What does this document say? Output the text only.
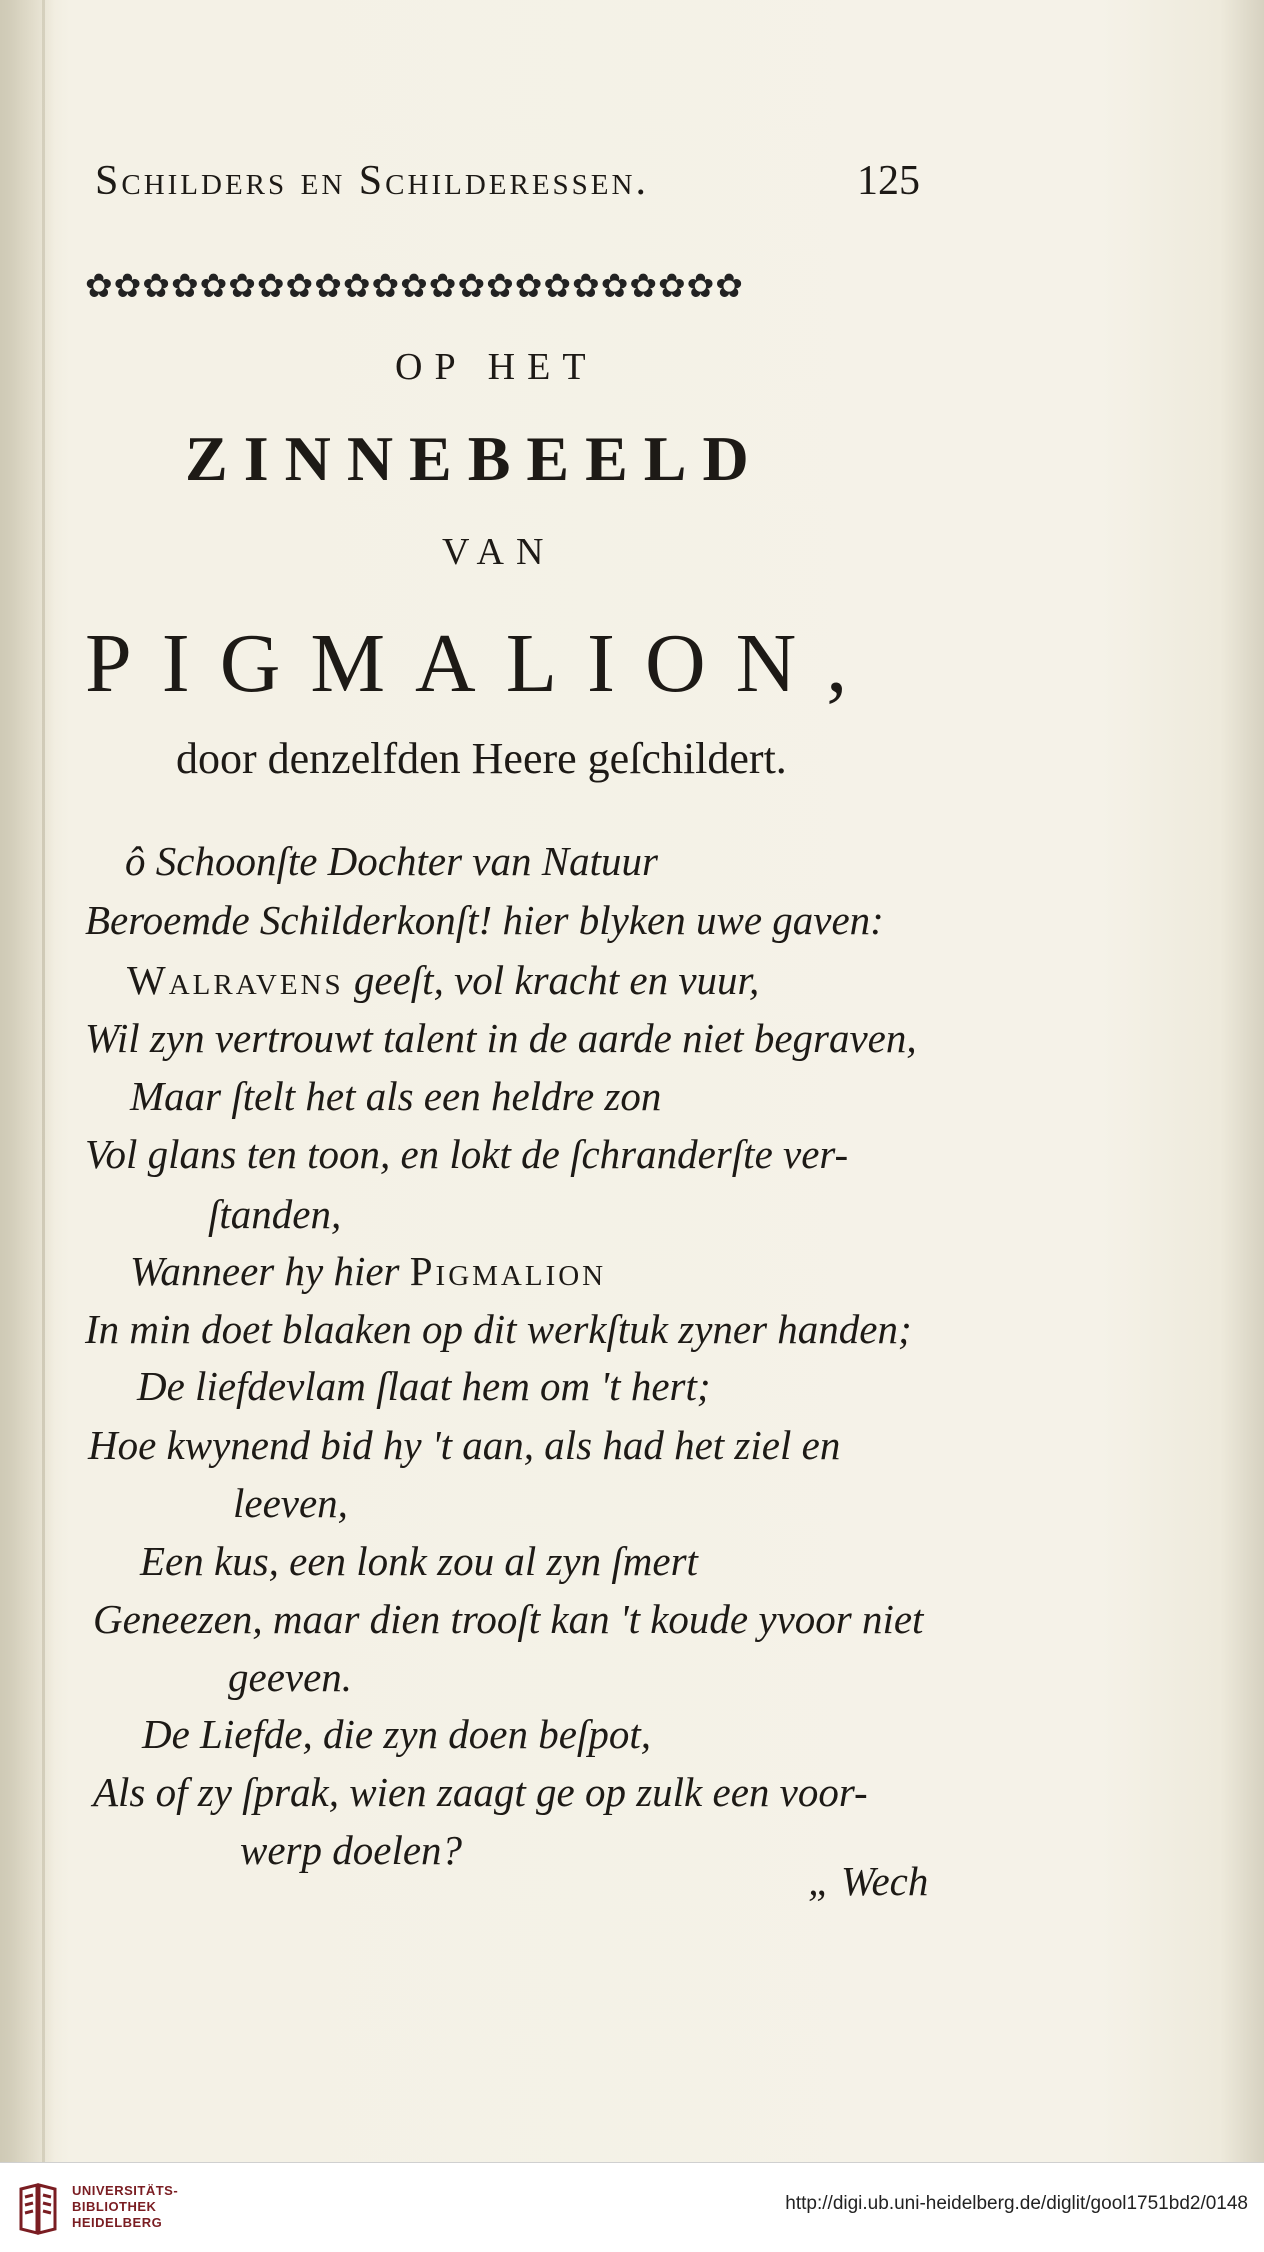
Schilders en Schilderessen.	125
✿✿✿✿✿✿✿✿✿✿✿✿✿✿✿✿✿✿✿✿✿✿✿
OP HET
ZINNEBEELD
VAN
PIGMALION,
door denzelfden Heere geſchildert.
ô Schoonſte Dochter van Natuur
Beroemde Schilderkonſt! hier blyken uwe gaven:
Walravens geeſt, vol kracht en vuur,
Wil zyn vertrouwt talent in de aarde niet begraven,
Maar ſtelt het als een heldre zon
Vol glans ten toon, en lokt de ſchranderſte ver-
ſtanden,
Wanneer hy hier Pigmalion
In min doet blaaken op dit werkſtuk zyner handen;
De liefdevlam ſlaat hem om 't hert;
Hoe kwynend bid hy 't aan, als had het ziel en
leeven,
Een kus, een lonk zou al zyn ſmert
Geneezen, maar dien trooſt kan 't koude yvoor niet
geeven.
De Liefde, die zyn doen beſpot,
Als of zy ſprak, wien zaagt ge op zulk een voor-
werp doelen?
„ Wech
UNIVERSITÄTS-
BIBLIOTHEK
HEIDELBERG
http://digi.ub.uni-heidelberg.de/diglit/gool1751bd2/0148
